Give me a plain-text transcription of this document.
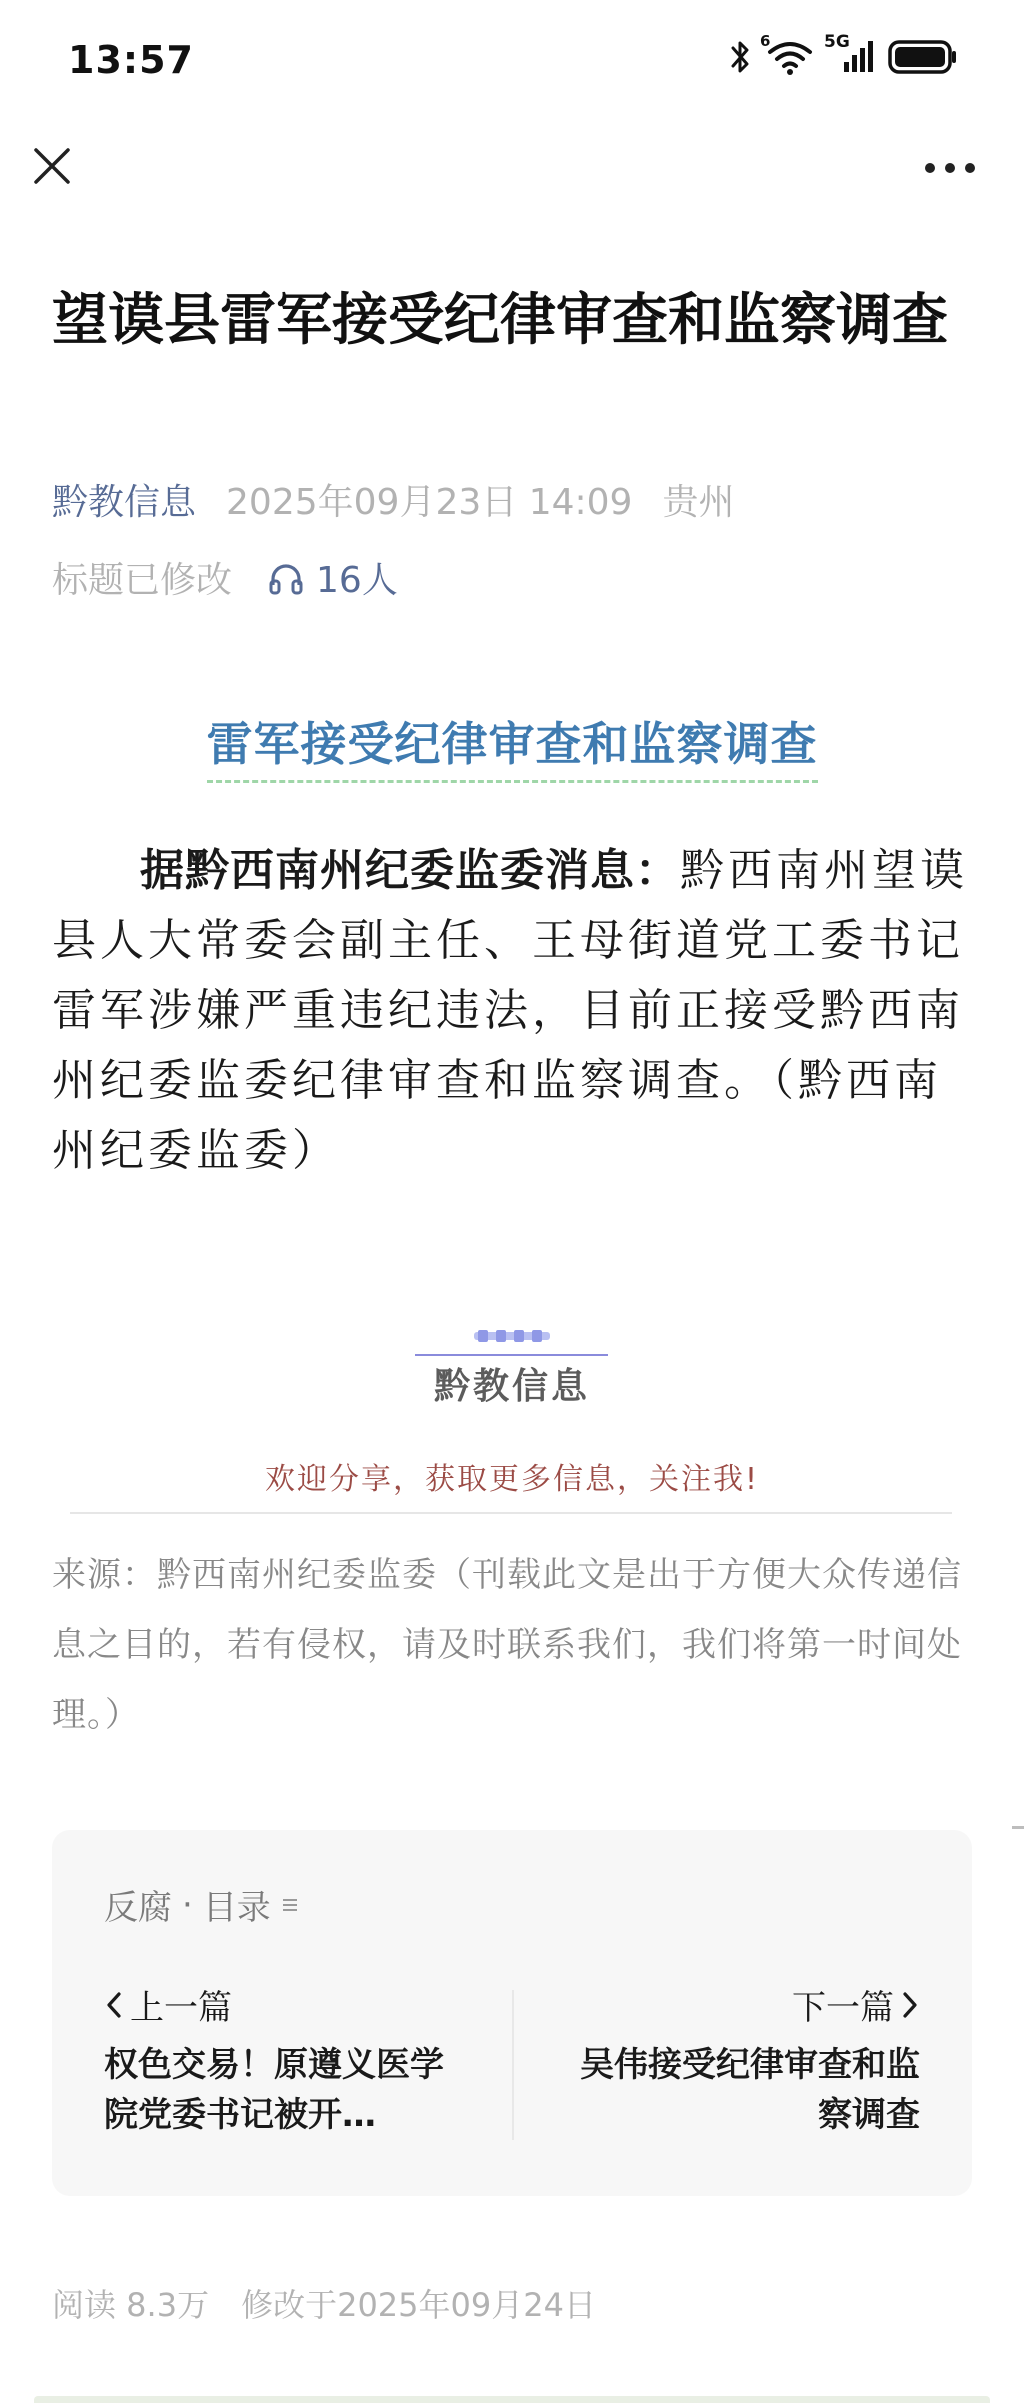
13:57	6	5G
望谟县雷军接受纪律审查和监察调查
黔教信息 2025年09月23日 14:09 贵州
标题已修改 16人
雷军接受纪律审查和监察调查
据黔西南州纪委监委消息：黔西南州望谟县人大常委会副主任、王母街道党工委书记雷军涉嫌严重违纪违法，目前正接受黔西南州纪委监委纪律审查和监察调查。（黔西南州纪委监委）
黔教信息
欢迎分享，获取更多信息，关注我!
来源：黔西南州纪委监委（刊载此文是出于方便大众传递信息之目的，若有侵权，请及时联系我们，我们将第一时间处理。）
反腐 · 目录
上一篇
权色交易！原遵义医学院党委书记被开…
下一篇
吴伟接受纪律审查和监察调查
阅读 8.3万 修改于2025年09月24日
